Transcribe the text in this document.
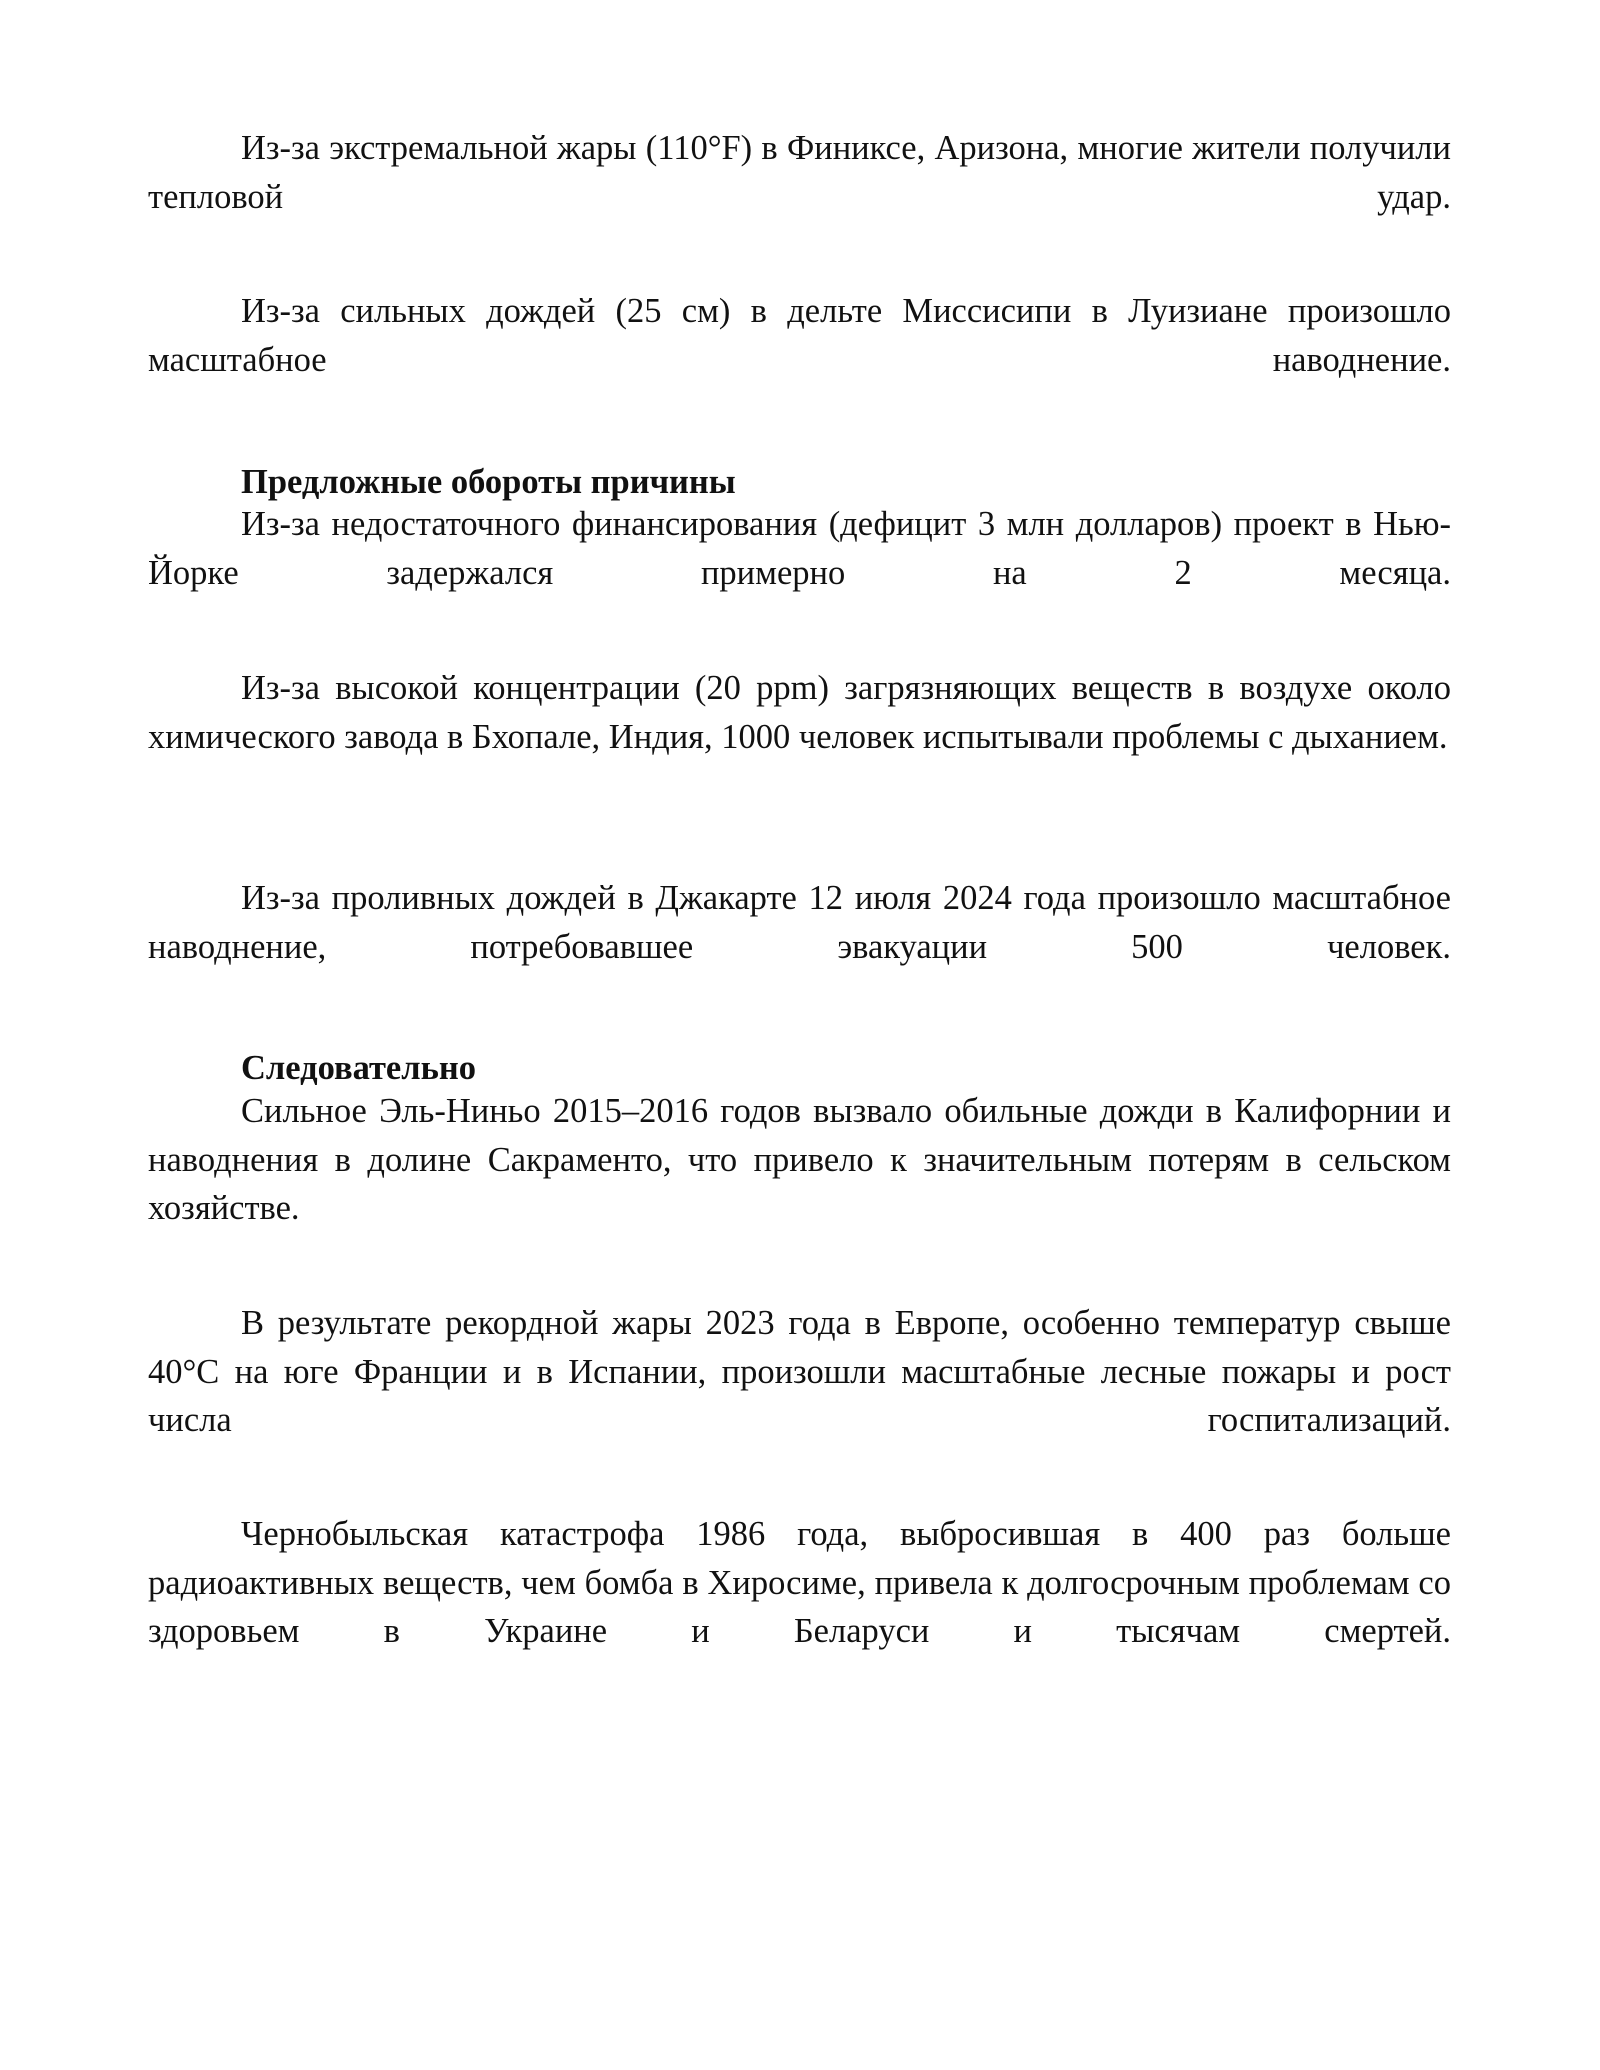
Из-за экстремальной жары (110°F) в Финиксе, Аризона, многие жители получили тепловой удар.

Из-за сильных дождей (25 см) в дельте Миссисипи в Луизиане произошло масштабное наводнение.

Предложные обороты причины

Из-за недостаточного финансирования (дефицит 3 млн долларов) проект в Нью-Йорке задержался примерно на 2 месяца.

Из-за высокой концентрации (20 ppm) загрязняющих веществ в воздухе около химического завода в Бхопале, Индия, 1000 человек испытывали проблемы с дыханием.

Из-за проливных дождей в Джакарте 12 июля 2024 года произошло масштабное наводнение, потребовавшее эвакуации 500 человек.

Следовательно

Сильное Эль-Ниньо 2015–2016 годов вызвало обильные дожди в Калифорнии и наводнения в долине Сакраменто, что привело к значительным потерям в сельском хозяйстве.

В результате рекордной жары 2023 года в Европе, особенно температур свыше 40°C на юге Франции и в Испании, произошли масштабные лесные пожары и рост числа госпитализаций.

Чернобыльская катастрофа 1986 года, выбросившая в 400 раз больше радиоактивных веществ, чем бомба в Хиросиме, привела к долгосрочным проблемам со здоровьем в Украине и Беларуси и тысячам смертей.
